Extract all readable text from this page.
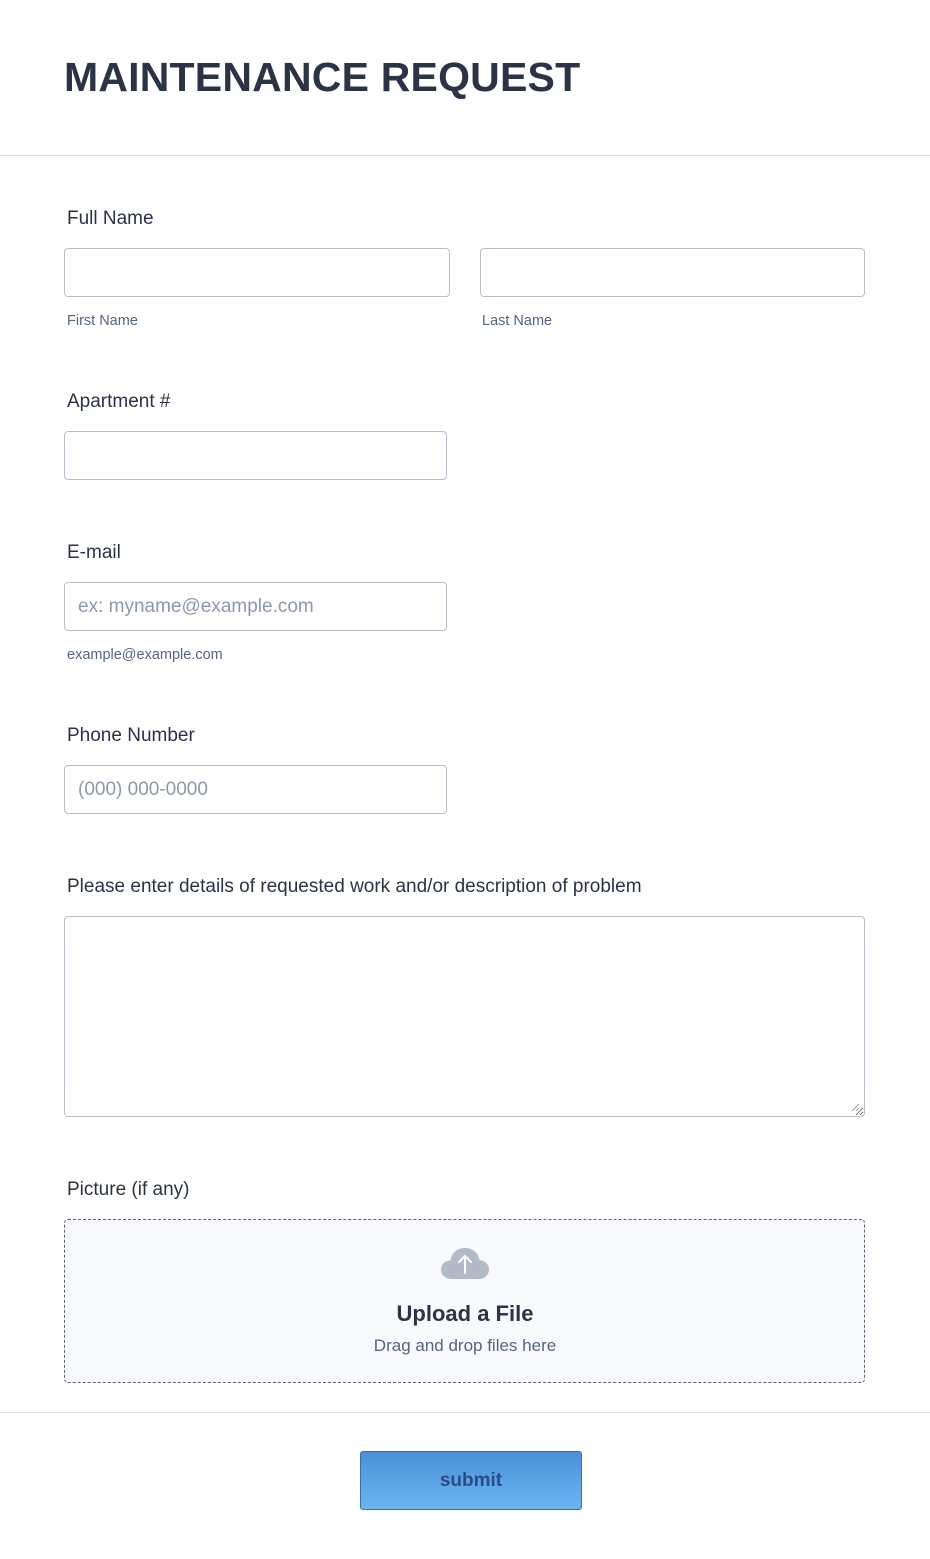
MAINTENANCE REQUEST
Full Name
First Name	Last Name
Apartment #
E-mail
ex: myname@example.com
example@example.com
Phone Number
(000) 000-0000
Please enter details of requested work and/or description of problem
Picture (if any)
Upload a File
Drag and drop files here
submit
